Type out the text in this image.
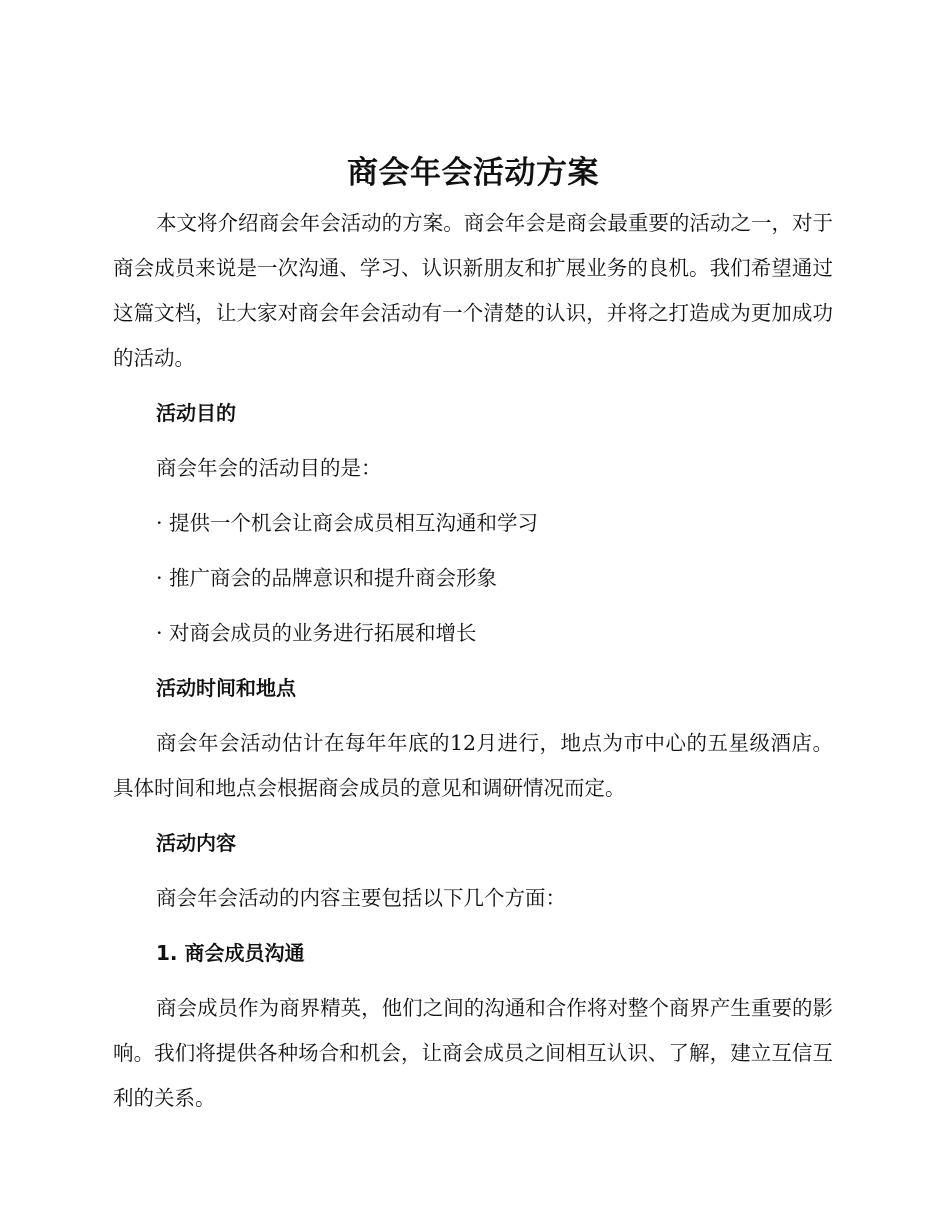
商会年会活动方案

本文将介绍商会年会活动的方案。商会年会是商会最重要的活动之一，对于商会成员来说是一次沟通、学习、认识新朋友和扩展业务的良机。我们希望通过这篇文档，让大家对商会年会活动有一个清楚的认识，并将之打造成为更加成功的活动。

活动目的

商会年会的活动目的是：

· 提供一个机会让商会成员相互沟通和学习

· 推广商会的品牌意识和提升商会形象

· 对商会成员的业务进行拓展和增长

活动时间和地点

商会年会活动估计在每年年底的12月进行，地点为市中心的五星级酒店。具体时间和地点会根据商会成员的意见和调研情况而定。

活动内容

商会年会活动的内容主要包括以下几个方面：

1. 商会成员沟通

商会成员作为商界精英，他们之间的沟通和合作将对整个商界产生重要的影响。我们将提供各种场合和机会，让商会成员之间相互认识、了解，建立互信互利的关系。
